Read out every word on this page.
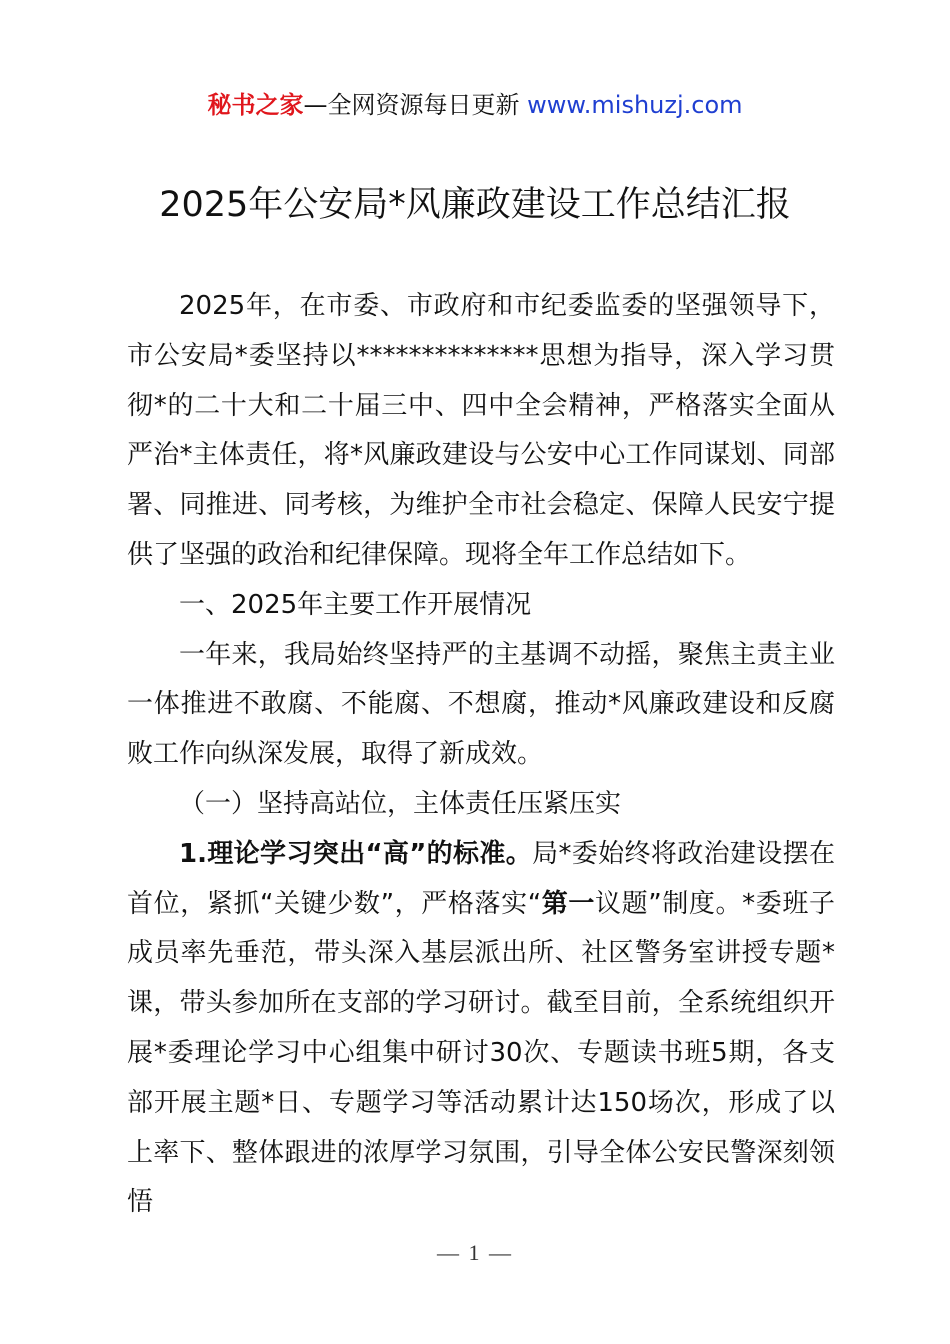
秘书之家—全网资源每日更新 www.mishuzj.com
2025年公安局*风廉政建设工作总结汇报

2025年，在市委、市政府和市纪委监委的坚强领导下，市公安局*委坚持以**************思想为指导，深入学习贯彻*的二十大和二十届三中、四中全会精神，严格落实全面从严治*主体责任，将*风廉政建设与公安中心工作同谋划、同部署、同推进、同考核，为维护全市社会稳定、保障人民安宁提供了坚强的政治和纪律保障。现将全年工作总结如下。

一、2025年主要工作开展情况

一年来，我局始终坚持严的主基调不动摇，聚焦主责主业一体推进不敢腐、不能腐、不想腐，推动*风廉政建设和反腐败工作向纵深发展，取得了新成效。

（一）坚持高站位，主体责任压紧压实

1.理论学习突出“高”的标准。局*委始终将政治建设摆在首位，紧抓“关键少数”，严格落实“第一议题”制度。*委班子成员率先垂范，带头深入基层派出所、社区警务室讲授专题*课，带头参加所在支部的学习研讨。截至目前，全系统组织开展*委理论学习中心组集中研讨30次、专题读书班5期，各支部开展主题*日、专题学习等活动累计达150场次，形成了以上率下、整体跟进的浓厚学习氛围，引导全体公安民警深刻领悟

— 1 —
